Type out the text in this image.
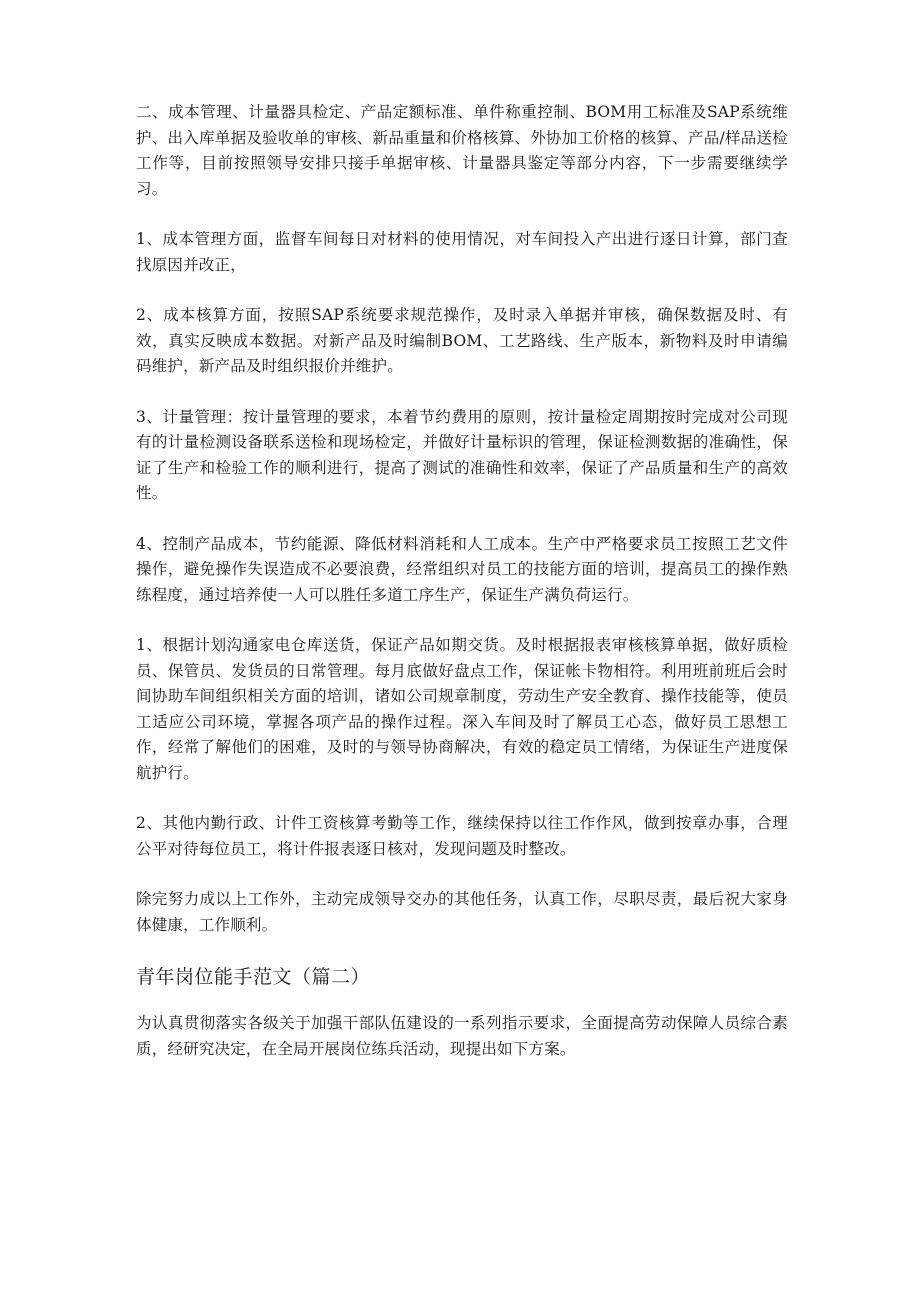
二、成本管理、计量器具检定、产品定额标准、单件称重控制、BOM用工标准及SAP系统维护、出入库单据及验收单的审核、新品重量和价格核算、外协加工价格的核算、产品/样品送检工作等，目前按照领导安排只接手单据审核、计量器具鉴定等部分内容，下一步需要继续学习。

1、成本管理方面，监督车间每日对材料的使用情况，对车间投入产出进行逐日计算，部门查找原因并改正，

2、成本核算方面，按照SAP系统要求规范操作，及时录入单据并审核，确保数据及时、有效，真实反映成本数据。对新产品及时编制BOM、工艺路线、生产版本，新物料及时申请编码维护，新产品及时组织报价并维护。

3、计量管理：按计量管理的要求，本着节约费用的原则，按计量检定周期按时完成对公司现有的计量检测设备联系送检和现场检定，并做好计量标识的管理，保证检测数据的准确性，保证了生产和检验工作的顺利进行，提高了测试的准确性和效率，保证了产品质量和生产的高效性。

4、控制产品成本，节约能源、降低材料消耗和人工成本。生产中严格要求员工按照工艺文件操作，避免操作失误造成不必要浪费，经常组织对员工的技能方面的培训，提高员工的操作熟练程度，通过培养使一人可以胜任多道工序生产，保证生产满负荷运行。

1、根据计划沟通家电仓库送货，保证产品如期交货。及时根据报表审核核算单据，做好质检员、保管员、发货员的日常管理。每月底做好盘点工作，保证帐卡物相符。利用班前班后会时间协助车间组织相关方面的培训，诸如公司规章制度，劳动生产安全教育、操作技能等，使员工适应公司环境，掌握各项产品的操作过程。深入车间及时了解员工心态，做好员工思想工作，经常了解他们的困难，及时的与领导协商解决，有效的稳定员工情绪，为保证生产进度保航护行。

2、其他内勤行政、计件工资核算考勤等工作，继续保持以往工作作风，做到按章办事，合理公平对待每位员工，将计件报表逐日核对，发现问题及时整改。

除完努力成以上工作外，主动完成领导交办的其他任务，认真工作，尽职尽责，最后祝大家身体健康，工作顺利。

青年岗位能手范文（篇二）

为认真贯彻落实各级关于加强干部队伍建设的一系列指示要求，全面提高劳动保障人员综合素质，经研究决定，在全局开展岗位练兵活动，现提出如下方案。
